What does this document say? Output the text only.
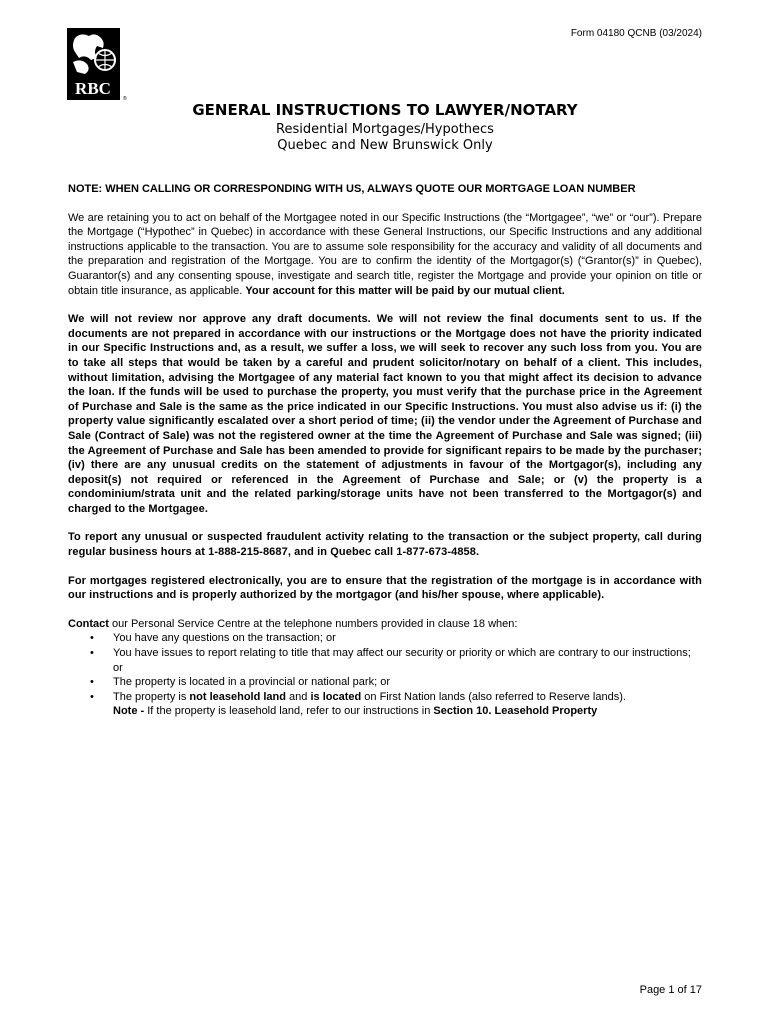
RBC
®
Form 04180 QCNB (03/2024)
GENERAL INSTRUCTIONS TO LAWYER/NOTARY
Residential Mortgages/Hypothecs
Quebec and New Brunswick Only

NOTE: WHEN CALLING OR CORRESPONDING WITH US, ALWAYS QUOTE OUR MORTGAGE LOAN NUMBER

We are retaining you to act on behalf of the Mortgagee noted in our Specific Instructions (the “Mortgagee”, “we” or “our”). Prepare the Mortgage (“Hypothec” in Quebec) in accordance with these General Instructions, our Specific Instructions and any additional instructions applicable to the transaction. You are to assume sole responsibility for the accuracy and validity of all documents and the preparation and registration of the Mortgage. You are to confirm the identity of the Mortgagor(s) (“Grantor(s)” in Quebec), Guarantor(s) and any consenting spouse, investigate and search title, register the Mortgage and provide your opinion on title or obtain title insurance, as applicable. Your account for this matter will be paid by our mutual client.

We will not review nor approve any draft documents. We will not review the final documents sent to us. If the documents are not prepared in accordance with our instructions or the Mortgage does not have the priority indicated in our Specific Instructions and, as a result, we suffer a loss, we will seek to recover any such loss from you. You are to take all steps that would be taken by a careful and prudent solicitor/notary on behalf of a client. This includes, without limitation, advising the Mortgagee of any material fact known to you that might affect its decision to advance the loan. If the funds will be used to purchase the property, you must verify that the purchase price in the Agreement of Purchase and Sale is the same as the price indicated in our Specific Instructions. You must also advise us if: (i) the property value significantly escalated over a short period of time; (ii) the vendor under the Agreement of Purchase and Sale (Contract of Sale) was not the registered owner at the time the Agreement of Purchase and Sale was signed; (iii) the Agreement of Purchase and Sale has been amended to provide for significant repairs to be made by the purchaser; (iv) there are any unusual credits on the statement of adjustments in favour of the Mortgagor(s), including any deposit(s) not required or referenced in the Agreement of Purchase and Sale; or (v) the property is a condominium/strata unit and the related parking/storage units have not been transferred to the Mortgagor(s) and charged to the Mortgagee.

To report any unusual or suspected fraudulent activity relating to the transaction or the subject property, call during regular business hours at 1-888-215-8687, and in Quebec call 1-877-673-4858.

For mortgages registered electronically, you are to ensure that the registration of the mortgage is in accordance with our instructions and is properly authorized by the mortgagor (and his/her spouse, where applicable).

Contact our Personal Service Centre at the telephone numbers provided in clause 18 when:
• You have any questions on the transaction; or
• You have issues to report relating to title that may affect our security or priority or which are contrary to our instructions; or
• The property is located in a provincial or national park; or
• The property is not leasehold land and is located on First Nation lands (also referred to Reserve lands).
Note - If the property is leasehold land, refer to our instructions in Section 10. Leasehold Property
Page 1 of 17
